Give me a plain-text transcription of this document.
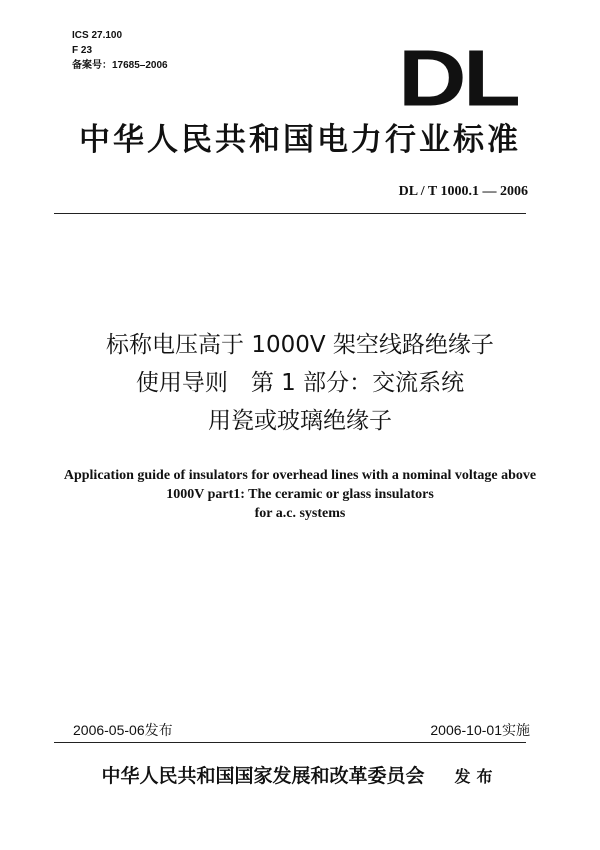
ICS 27.100
F 23
备案号：17685–2006	DL
中华人民共和国电力行业标准
DL / T 1000.1 — 2006
标称电压高于 1000V 架空线路绝缘子
使用导则　第 1 部分：交流系统
用瓷或玻璃绝缘子
Application guide of insulators for overhead lines with a nominal voltage above
1000V part1: The ceramic or glass insulators
for a.c. systems
2006-05-06发布	2006-10-01实施
中华人民共和国国家发展和改革委员会 发布
